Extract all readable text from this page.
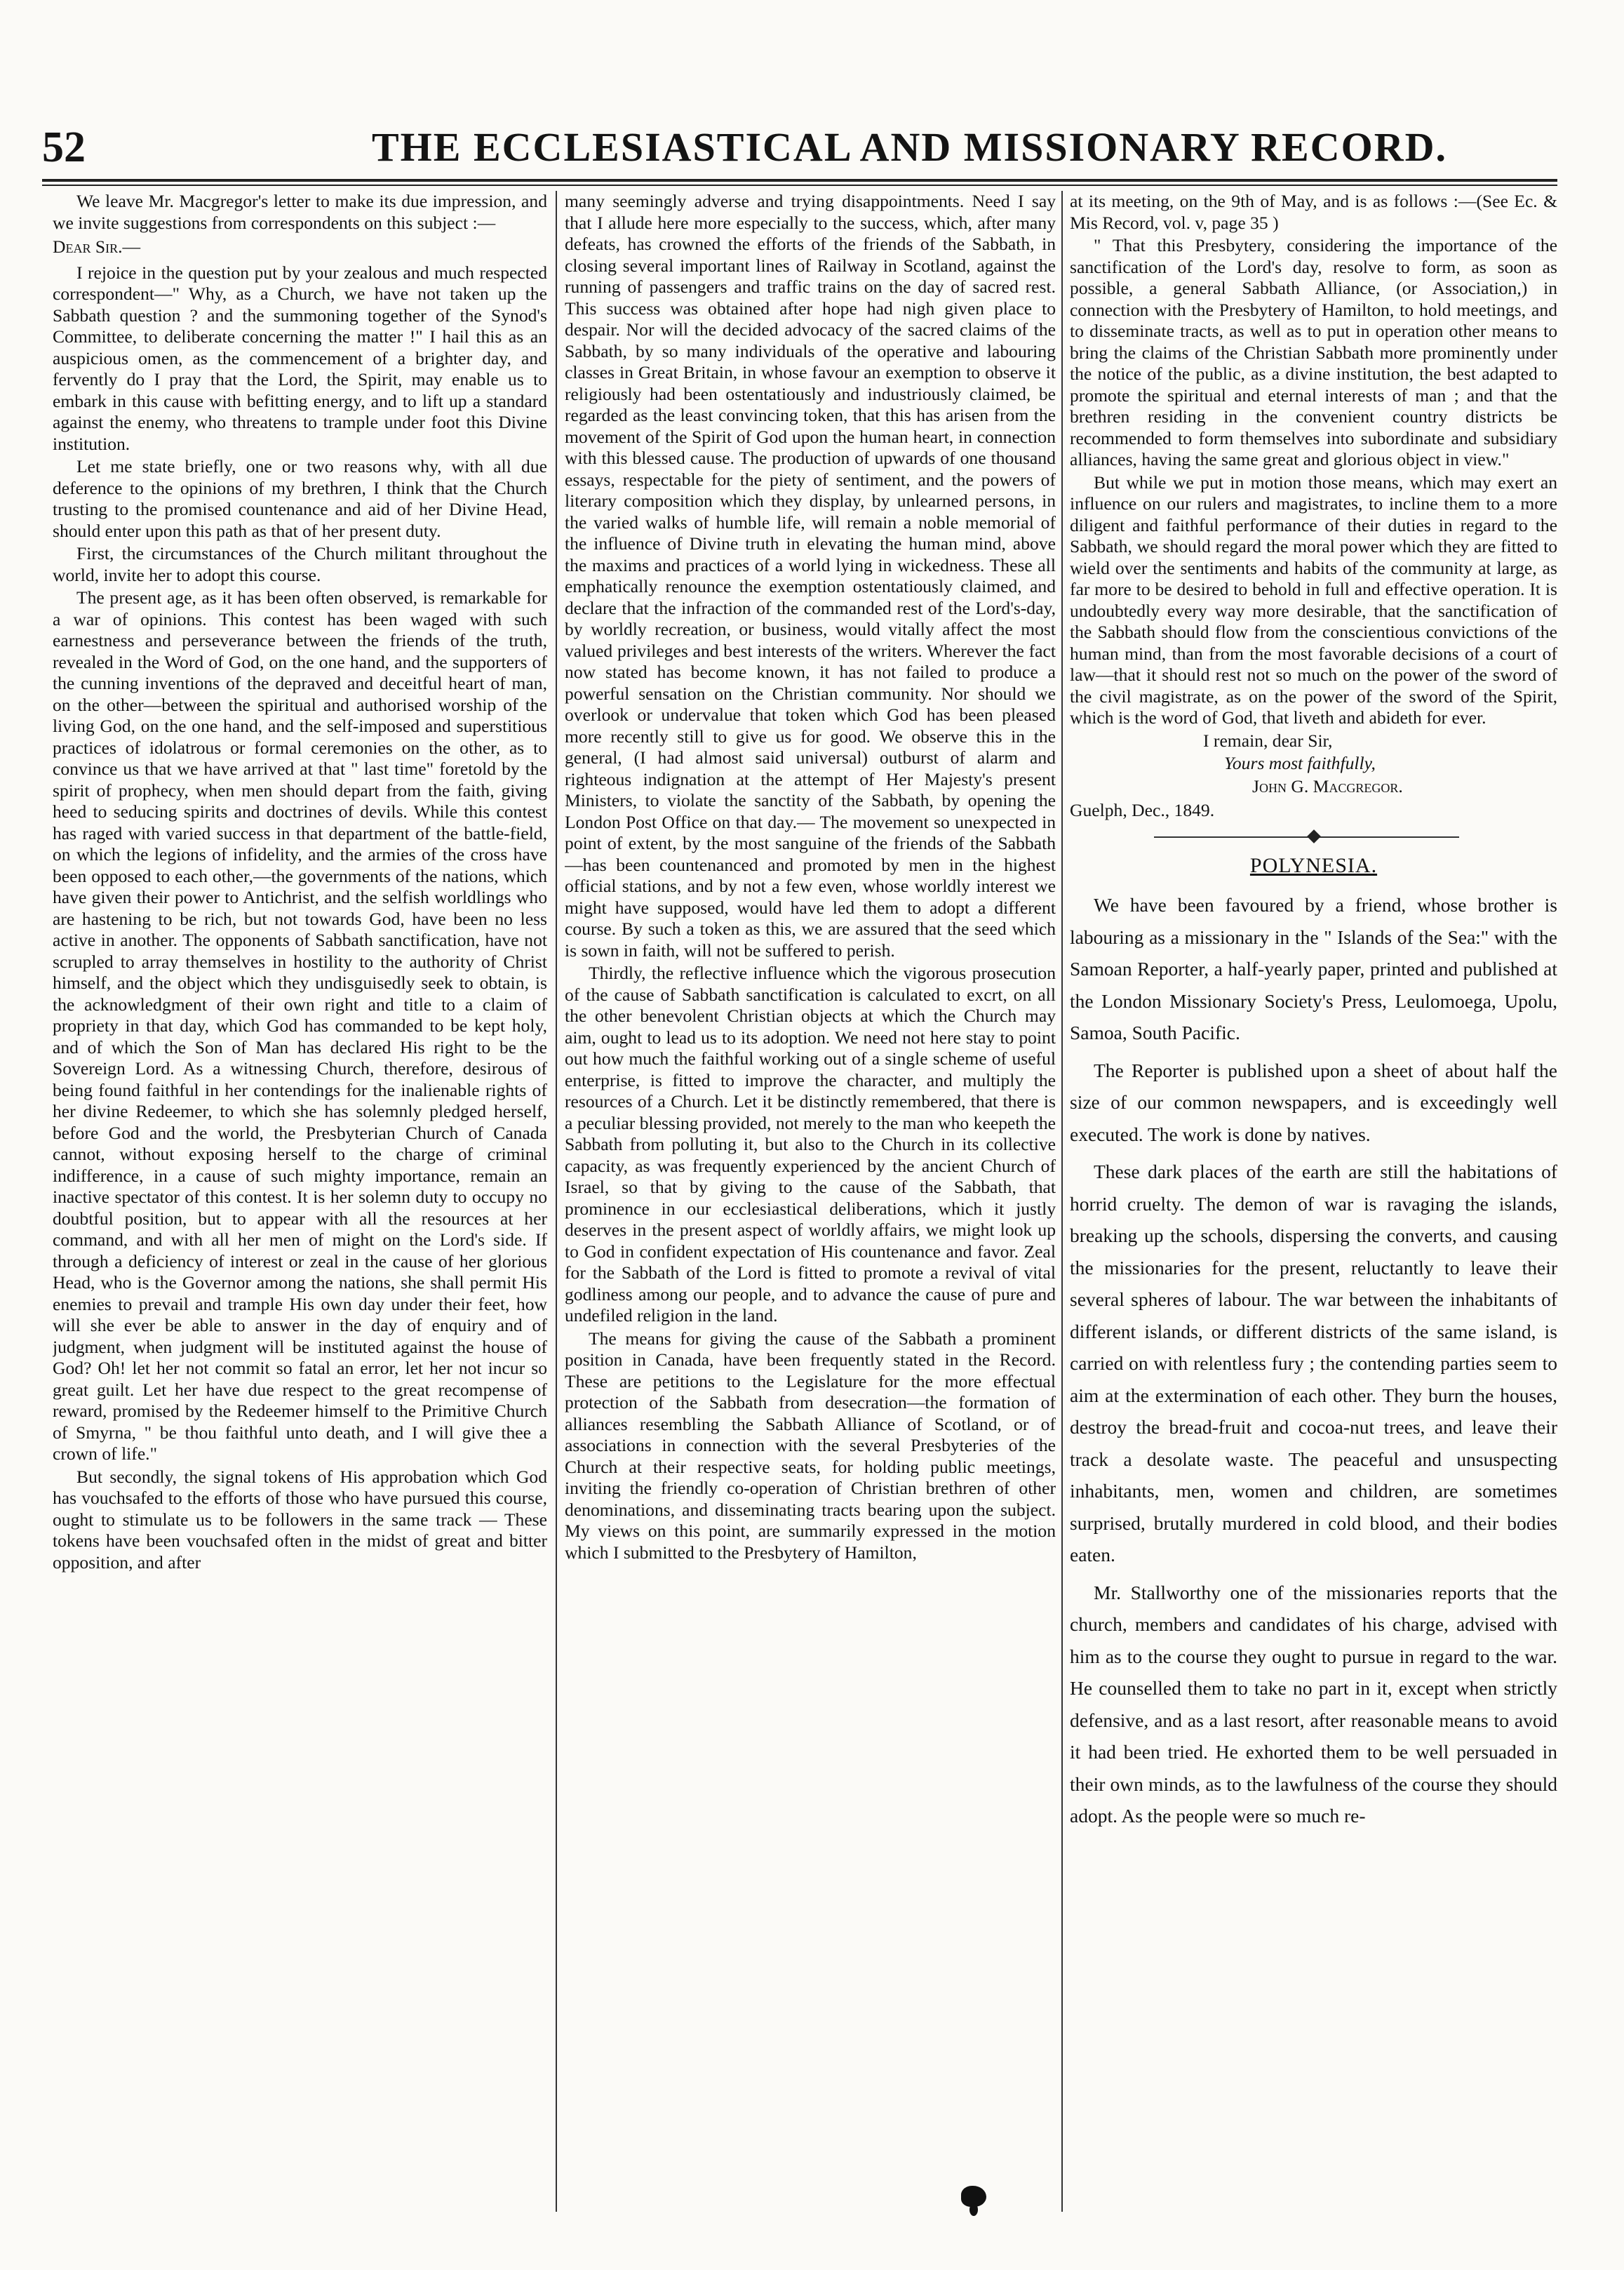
52	THE ECCLESIASTICAL AND MISSIONARY RECORD.

We leave Mr. Macgregor's letter to make its due impression, and we invite suggestions from correspondents on this subject :—

Dear Sir.—

I rejoice in the question put by your zealous and much respected correspondent—" Why, as a Church, we have not taken up the Sabbath question ? and the summoning together of the Synod's Committee, to deliberate concerning the matter !" I hail this as an auspicious omen, as the commencement of a brighter day, and fervently do I pray that the Lord, the Spirit, may enable us to embark in this cause with befitting energy, and to lift up a standard against the enemy, who threatens to trample under foot this Divine institution.

Let me state briefly, one or two reasons why, with all due deference to the opinions of my brethren, I think that the Church trusting to the promised countenance and aid of her Divine Head, should enter upon this path as that of her present duty.

First, the circumstances of the Church militant throughout the world, invite her to adopt this course.

The present age, as it has been often observed, is remarkable for a war of opinions. This contest has been waged with such earnestness and perseverance between the friends of the truth, revealed in the Word of God, on the one hand, and the supporters of the cunning inventions of the depraved and deceitful heart of man, on the other—between the spiritual and authorised worship of the living God, on the one hand, and the self-imposed and superstitious practices of idolatrous or formal ceremonies on the other, as to convince us that we have arrived at that " last time" foretold by the spirit of prophecy, when men should depart from the faith, giving heed to seducing spirits and doctrines of devils. While this contest has raged with varied success in that department of the battle-field, on which the legions of infidelity, and the armies of the cross have been opposed to each other,—the governments of the nations, which have given their power to Antichrist, and the selfish worldlings who are hastening to be rich, but not towards God, have been no less active in another. The opponents of Sabbath sanctification, have not scrupled to array themselves in hostility to the authority of Christ himself, and the object which they undisguisedly seek to obtain, is the acknowledgment of their own right and title to a claim of propriety in that day, which God has commanded to be kept holy, and of which the Son of Man has declared His right to be the Sovereign Lord. As a witnessing Church, therefore, desirous of being found faithful in her contendings for the inalienable rights of her divine Redeemer, to which she has solemnly pledged herself, before God and the world, the Presbyterian Church of Canada cannot, without exposing herself to the charge of criminal indifference, in a cause of such mighty importance, remain an inactive spectator of this contest. It is her solemn duty to occupy no doubtful position, but to appear with all the resources at her command, and with all her men of might on the Lord's side. If through a deficiency of interest or zeal in the cause of her glorious Head, who is the Governor among the nations, she shall permit His enemies to prevail and trample His own day under their feet, how will she ever be able to answer in the day of enquiry and of judgment, when judgment will be instituted against the house of God? Oh! let her not commit so fatal an error, let her not incur so great guilt. Let her have due respect to the great recompense of reward, promised by the Redeemer himself to the Primitive Church of Smyrna, " be thou faithful unto death, and I will give thee a crown of life."

But secondly, the signal tokens of His approbation which God has vouchsafed to the efforts of those who have pursued this course, ought to stimulate us to be followers in the same track — These tokens have been vouchsafed often in the midst of great and bitter opposition, and after

many seemingly adverse and trying disappointments. Need I say that I allude here more especially to the success, which, after many defeats, has crowned the efforts of the friends of the Sabbath, in closing several important lines of Railway in Scotland, against the running of passengers and traffic trains on the day of sacred rest. This success was obtained after hope had nigh given place to despair. Nor will the decided advocacy of the sacred claims of the Sabbath, by so many individuals of the operative and labouring classes in Great Britain, in whose favour an exemption to observe it religiously had been ostentatiously and industriously claimed, be regarded as the least convincing token, that this has arisen from the movement of the Spirit of God upon the human heart, in connection with this blessed cause. The production of upwards of one thousand essays, respectable for the piety of sentiment, and the powers of literary composition which they display, by unlearned persons, in the varied walks of humble life, will remain a noble memorial of the influence of Divine truth in elevating the human mind, above the maxims and practices of a world lying in wickedness. These all emphatically renounce the exemption ostentatiously claimed, and declare that the infraction of the commanded rest of the Lord's-day, by worldly recreation, or business, would vitally affect the most valued privileges and best interests of the writers. Wherever the fact now stated has become known, it has not failed to produce a powerful sensation on the Christian community. Nor should we overlook or undervalue that token which God has been pleased more recently still to give us for good. We observe this in the general, (I had almost said universal) outburst of alarm and righteous indignation at the attempt of Her Majesty's present Ministers, to violate the sanctity of the Sabbath, by opening the London Post Office on that day.— The movement so unexpected in point of extent, by the most sanguine of the friends of the Sabbath—has been countenanced and promoted by men in the highest official stations, and by not a few even, whose worldly interest we might have supposed, would have led them to adopt a different course. By such a token as this, we are assured that the seed which is sown in faith, will not be suffered to perish.

Thirdly, the reflective influence which the vigorous prosecution of the cause of Sabbath sanctification is calculated to excrt, on all the other benevolent Christian objects at which the Church may aim, ought to lead us to its adoption. We need not here stay to point out how much the faithful working out of a single scheme of useful enterprise, is fitted to improve the character, and multiply the resources of a Church. Let it be distinctly remembered, that there is a peculiar blessing provided, not merely to the man who keepeth the Sabbath from polluting it, but also to the Church in its collective capacity, as was frequently experienced by the ancient Church of Israel, so that by giving to the cause of the Sabbath, that prominence in our ecclesiastical deliberations, which it justly deserves in the present aspect of worldly affairs, we might look up to God in confident expectation of His countenance and favor. Zeal for the Sabbath of the Lord is fitted to promote a revival of vital godliness among our people, and to advance the cause of pure and undefiled religion in the land.

The means for giving the cause of the Sabbath a prominent position in Canada, have been frequently stated in the Record. These are petitions to the Legislature for the more effectual protection of the Sabbath from desecration—the formation of alliances resembling the Sabbath Alliance of Scotland, or of associations in connection with the several Presbyteries of the Church at their respective seats, for holding public meetings, inviting the friendly co-operation of Christian brethren of other denominations, and disseminating tracts bearing upon the subject. My views on this point, are summarily expressed in the motion which I submitted to the Presbytery of Hamilton,

at its meeting, on the 9th of May, and is as follows :—(See Ec. & Mis Record, vol. v, page 35 )

" That this Presbytery, considering the importance of the sanctification of the Lord's day, resolve to form, as soon as possible, a general Sabbath Alliance, (or Association,) in connection with the Presbytery of Hamilton, to hold meetings, and to disseminate tracts, as well as to put in operation other means to bring the claims of the Christian Sabbath more prominently under the notice of the public, as a divine institution, the best adapted to promote the spiritual and eternal interests of man ; and that the brethren residing in the convenient country districts be recommended to form themselves into subordinate and subsidiary alliances, having the same great and glorious object in view."

But while we put in motion those means, which may exert an influence on our rulers and magistrates, to incline them to a more diligent and faithful performance of their duties in regard to the Sabbath, we should regard the moral power which they are fitted to wield over the sentiments and habits of the community at large, as far more to be desired to behold in full and effective operation. It is undoubtedly every way more desirable, that the sanctification of the Sabbath should flow from the conscientious convictions of the human mind, than from the most favorable decisions of a court of law—that it should rest not so much on the power of the sword of the civil magistrate, as on the power of the sword of the Spirit, which is the word of God, that liveth and abideth for ever.

I remain, dear Sir,

Yours most faithfully,

John G. Macgregor.

Guelph, Dec., 1849.

POLYNESIA.

We have been favoured by a friend, whose brother is labouring as a missionary in the " Islands of the Sea:" with the Samoan Reporter, a half-yearly paper, printed and published at the London Missionary Society's Press, Leulomoega, Upolu, Samoa, South Pacific.

The Reporter is published upon a sheet of about half the size of our common newspapers, and is exceedingly well executed. The work is done by natives.

These dark places of the earth are still the habitations of horrid cruelty. The demon of war is ravaging the islands, breaking up the schools, dispersing the converts, and causing the missionaries for the present, reluctantly to leave their several spheres of labour. The war between the inhabitants of different islands, or different districts of the same island, is carried on with relentless fury ; the contending parties seem to aim at the extermination of each other. They burn the houses, destroy the bread-fruit and cocoa-nut trees, and leave their track a desolate waste. The peaceful and unsuspecting inhabitants, men, women and children, are sometimes surprised, brutally murdered in cold blood, and their bodies eaten.

Mr. Stallworthy one of the missionaries reports that the church, members and candidates of his charge, advised with him as to the course they ought to pursue in regard to the war. He counselled them to take no part in it, except when strictly defensive, and as a last resort, after reasonable means to avoid it had been tried. He exhorted them to be well persuaded in their own minds, as to the lawfulness of the course they should adopt. As the people were so much re-
